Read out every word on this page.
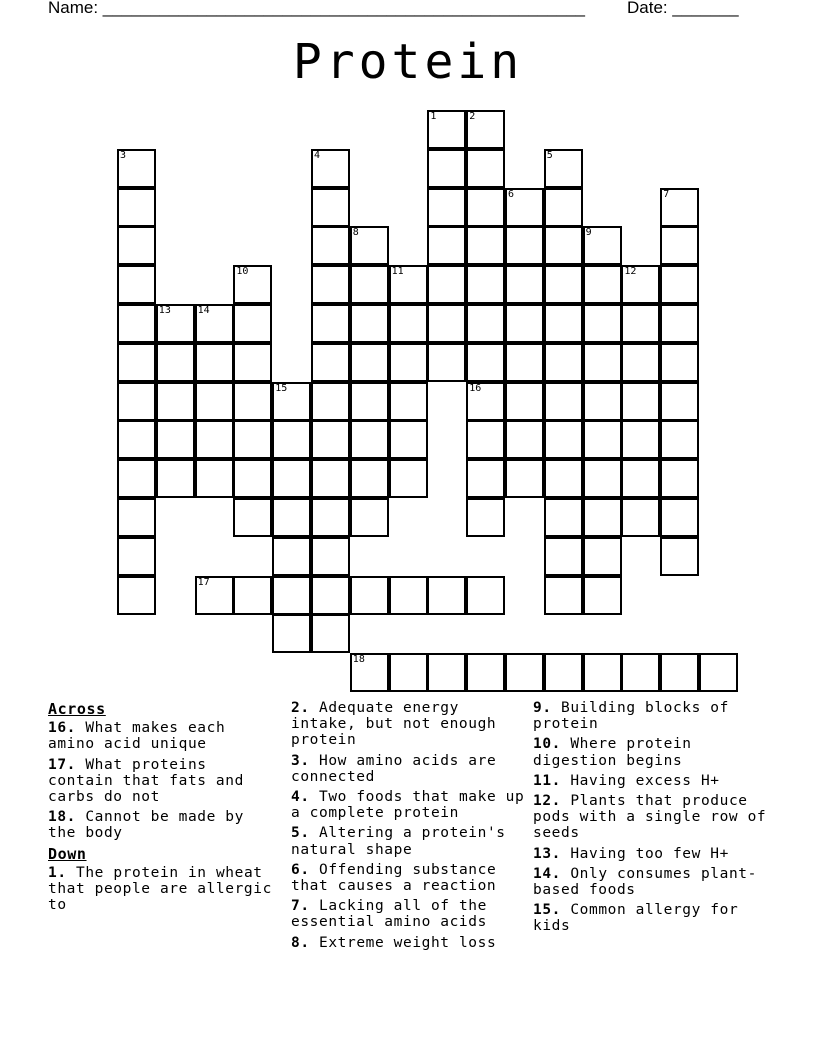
Name: ___________________________________________________ Date: _______
Protein
1	2
3	4	5
6	7
8	9
10	11	12
13	14
15	16
17
18
Across
16. What makes each amino acid unique
17. What proteins contain that fats and carbs do not
18. Cannot be made by the body
Down
1. The protein in wheat that people are allergic to
2. Adequate energy intake, but not enough protein
3. How amino acids are connected
4. Two foods that make up a complete protein
5. Altering a protein's natural shape
6. Offending substance that causes a reaction
7. Lacking all of the essential amino acids
8. Extreme weight loss
9. Building blocks of protein
10. Where protein digestion begins
11. Having excess H+
12. Plants that produce pods with a single row of seeds
13. Having too few H+
14. Only consumes plant-based foods
15. Common allergy for kids
